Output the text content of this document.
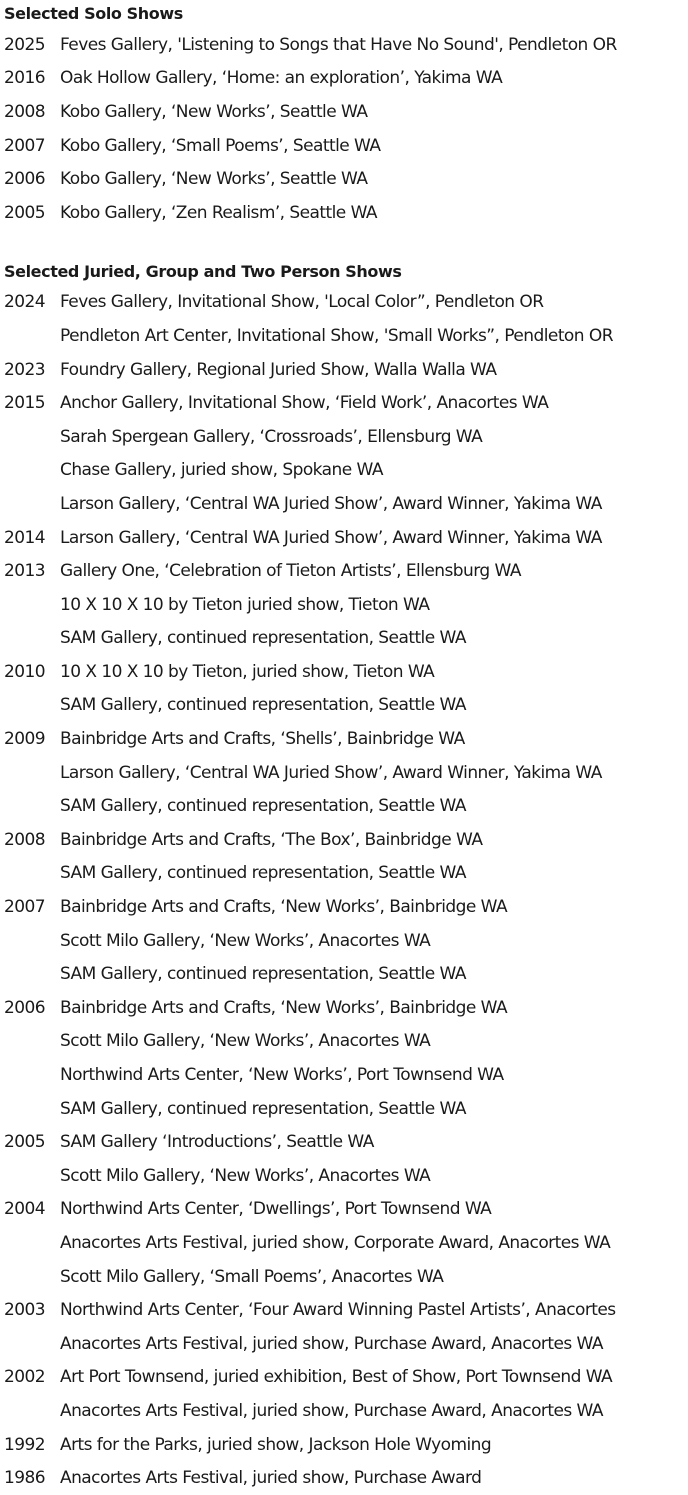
Selected Solo Shows
2025 Feves Gallery, 'Listening to Songs that Have No Sound', Pendleton OR
2016 Oak Hollow Gallery, ‘Home: an exploration’, Yakima WA
2008 Kobo Gallery, ‘New Works’, Seattle WA
2007 Kobo Gallery, ‘Small Poems’, Seattle WA
2006 Kobo Gallery, ‘New Works’, Seattle WA
2005 Kobo Gallery, ‘Zen Realism’, Seattle WA
Selected Juried, Group and Two Person Shows
2024 Feves Gallery, Invitational Show, 'Local Color”, Pendleton OR
Pendleton Art Center, Invitational Show, 'Small Works”, Pendleton OR
2023 Foundry Gallery, Regional Juried Show, Walla Walla WA
2015 Anchor Gallery, Invitational Show, ‘Field Work’, Anacortes WA
Sarah Spergean Gallery, ‘Crossroads’, Ellensburg WA
Chase Gallery, juried show, Spokane WA
Larson Gallery, ‘Central WA Juried Show’, Award Winner, Yakima WA
2014 Larson Gallery, ‘Central WA Juried Show’, Award Winner, Yakima WA
2013 Gallery One, ‘Celebration of Tieton Artists’, Ellensburg WA
10 X 10 X 10 by Tieton juried show, Tieton WA
SAM Gallery, continued representation, Seattle WA
2010 10 X 10 X 10 by Tieton, juried show, Tieton WA
SAM Gallery, continued representation, Seattle WA
2009 Bainbridge Arts and Crafts, ‘Shells’, Bainbridge WA
Larson Gallery, ‘Central WA Juried Show’, Award Winner, Yakima WA
SAM Gallery, continued representation, Seattle WA
2008 Bainbridge Arts and Crafts, ‘The Box’, Bainbridge WA
SAM Gallery, continued representation, Seattle WA
2007 Bainbridge Arts and Crafts, ‘New Works’, Bainbridge WA
Scott Milo Gallery, ‘New Works’, Anacortes WA
SAM Gallery, continued representation, Seattle WA
2006 Bainbridge Arts and Crafts, ‘New Works’, Bainbridge WA
Scott Milo Gallery, ‘New Works’, Anacortes WA
Northwind Arts Center, ‘New Works’, Port Townsend WA
SAM Gallery, continued representation, Seattle WA
2005 SAM Gallery ‘Introductions’, Seattle WA
Scott Milo Gallery, ‘New Works’, Anacortes WA
2004 Northwind Arts Center, ‘Dwellings’, Port Townsend WA
Anacortes Arts Festival, juried show, Corporate Award, Anacortes WA
Scott Milo Gallery, ‘Small Poems’, Anacortes WA
2003 Northwind Arts Center, ‘Four Award Winning Pastel Artists’, Anacortes
Anacortes Arts Festival, juried show, Purchase Award, Anacortes WA
2002 Art Port Townsend, juried exhibition, Best of Show, Port Townsend WA
Anacortes Arts Festival, juried show, Purchase Award, Anacortes WA
1992 Arts for the Parks, juried show, Jackson Hole Wyoming
1986 Anacortes Arts Festival, juried show, Purchase Award
